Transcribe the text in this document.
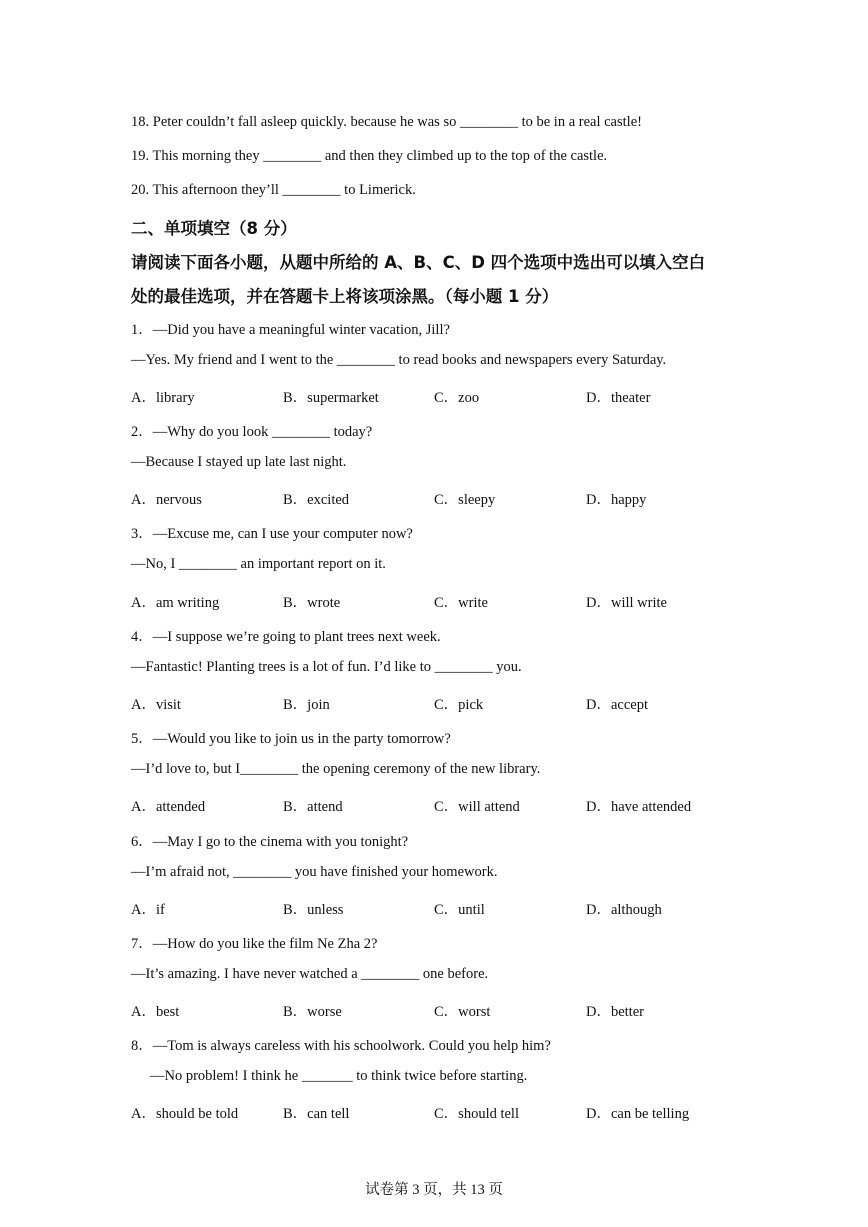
18. Peter couldn’t fall asleep quickly. because he was so ________ to be in a real castle!
19. This morning they ________ and then they climbed up to the top of the castle.
20. This afternoon they’ll ________ to Limerick.
二、单项填空（8 分）
请阅读下面各小题，从题中所给的 A、B、C、D 四个选项中选出可以填入空白
处的最佳选项，并在答题卡上将该项涂黑。（每小题 1 分）
1．—Did you have a meaningful winter vacation, Jill?
—Yes. My friend and I went to the ________ to read books and newspapers every Saturday.
A．library	B．supermarket	C．zoo	D．theater
2．—Why do you look ________ today?
—Because I stayed up late last night.
A．nervous	B．excited	C．sleepy	D．happy
3．—Excuse me, can I use your computer now?
—No, I ________ an important report on it.
A．am writing	B．wrote	C．write	D．will write
4．—I suppose we’re going to plant trees next week.
—Fantastic! Planting trees is a lot of fun. I’d like to ________ you.
A．visit	B．join	C．pick	D．accept
5．—Would you like to join us in the party tomorrow?
—I’d love to, but I________ the opening ceremony of the new library.
A．attended	B．attend	C．will attend	D．have attended
6．—May I go to the cinema with you tonight?
—I’m afraid not, ________ you have finished your homework.
A．if	B．unless	C．until	D．although
7．—How do you like the film Ne Zha 2?
—It’s amazing. I have never watched a ________ one before.
A．best	B．worse	C．worst	D．better
8．—Tom is always careless with his schoolwork. Could you help him?
—No problem! I think he _______ to think twice before starting.
A．should be told	B．can tell	C．should tell	D．can be telling
试卷第 3 页，共 13 页
